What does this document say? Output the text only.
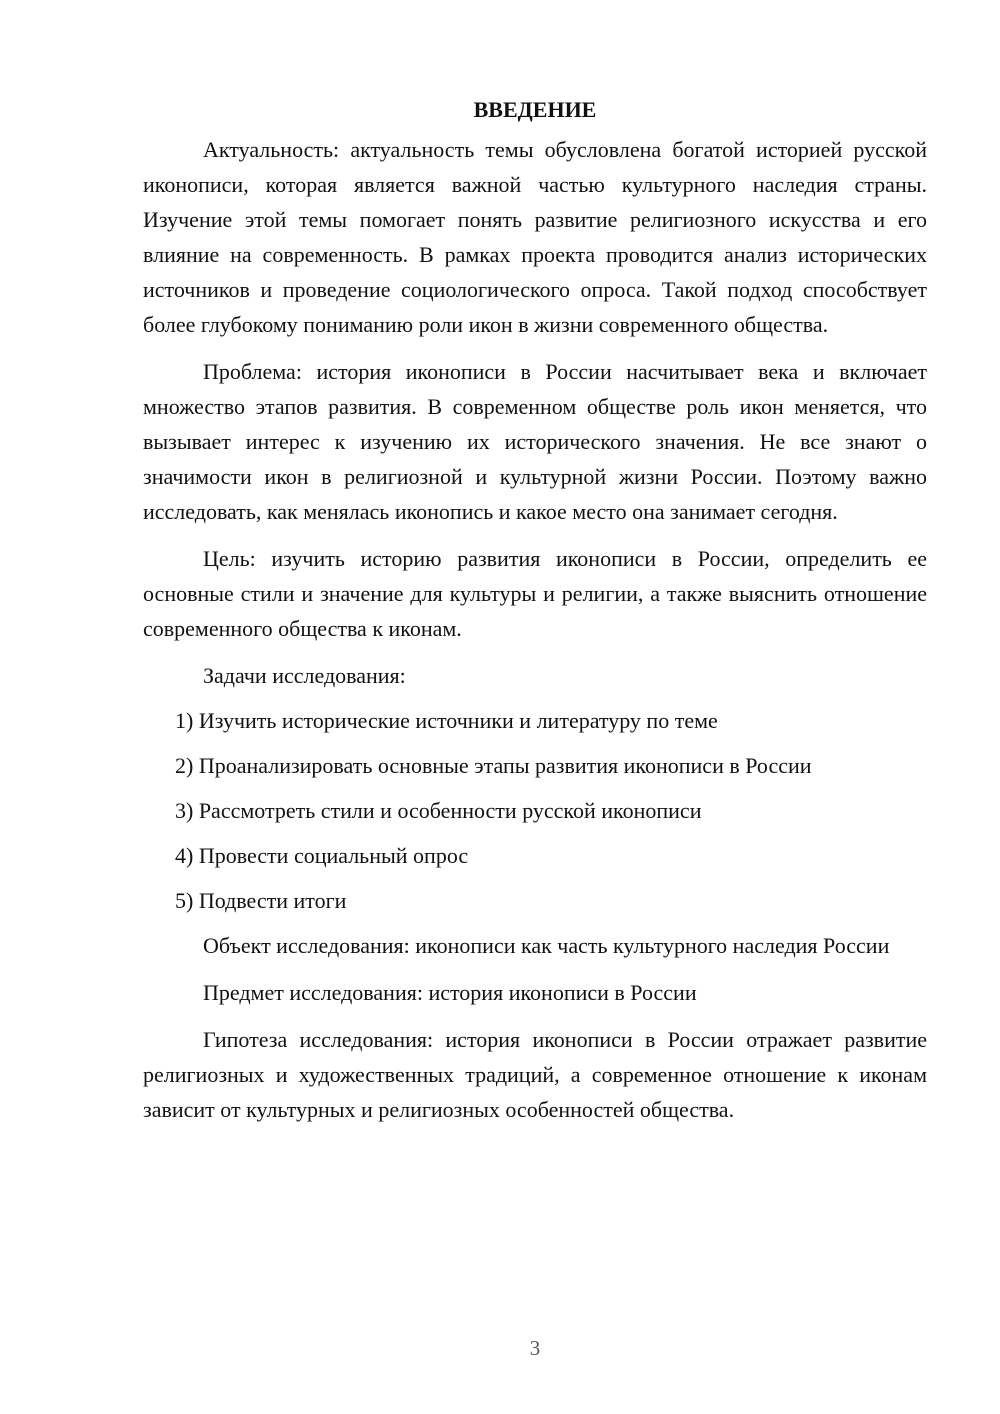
ВВЕДЕНИЕ

Актуальность: актуальность темы обусловлена богатой историей русской иконописи, которая является важной частью культурного наследия страны. Изучение этой темы помогает понять развитие религиозного искусства и его влияние на современность. В рамках проекта проводится анализ исторических источников и проведение социологического опроса. Такой подход способствует более глубокому пониманию роли икон в жизни современного общества.

Проблема: история иконописи в России насчитывает века и включает множество этапов развития. В современном обществе роль икон меняется, что вызывает интерес к изучению их исторического значения. Не все знают о значимости икон в религиозной и культурной жизни России. Поэтому важно исследовать, как менялась иконопись и какое место она занимает сегодня.

Цель: изучить историю развития иконописи в России, определить ее основные стили и значение для культуры и религии, а также выяснить отношение современного общества к иконам.

Задачи исследования:

1) Изучить исторические источники и литературу по теме
2) Проанализировать основные этапы развития иконописи в России
3) Рассмотреть стили и особенности русской иконописи
4) Провести социальный опрос
5) Подвести итоги

Объект исследования: иконописи как часть культурного наследия России

Предмет исследования: история иконописи в России

Гипотеза исследования: история иконописи в России отражает развитие религиозных и художественных традиций, а современное отношение к иконам зависит от культурных и религиозных особенностей общества.

3
